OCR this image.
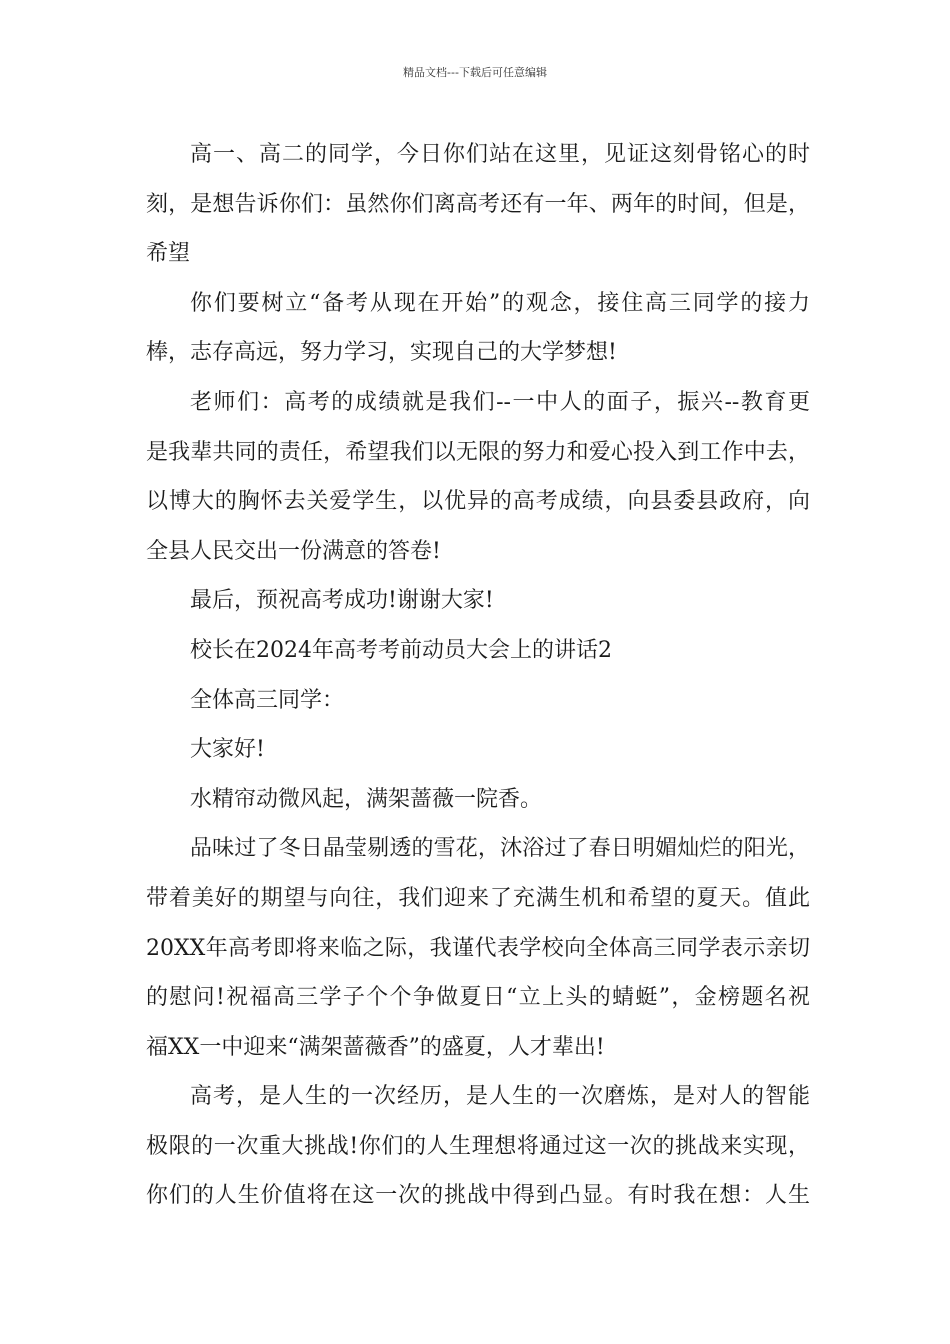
精品文档---下载后可任意编辑
高一、高二的同学，今日你们站在这里，见证这刻骨铭心的时
刻，是想告诉你们：虽然你们离高考还有一年、两年的时间，但是，
希望
你们要树立“备考从现在开始”的观念，接住高三同学的接力
棒，志存高远，努力学习，实现自己的大学梦想!
老师们：高考的成绩就是我们--一中人的面子，振兴--教育更
是我辈共同的责任，希望我们以无限的努力和爱心投入到工作中去，
以博大的胸怀去关爱学生，以优异的高考成绩，向县委县政府，向
全县人民交出一份满意的答卷!
最后，预祝高考成功!谢谢大家!
校长在2024年高考考前动员大会上的讲话2
全体高三同学：
大家好!
水精帘动微风起，满架蔷薇一院香。
品味过了冬日晶莹剔透的雪花，沐浴过了春日明媚灿烂的阳光，
带着美好的期望与向往，我们迎来了充满生机和希望的夏天。值此
20XX年高考即将来临之际，我谨代表学校向全体高三同学表示亲切
的慰问!祝福高三学子个个争做夏日“立上头的蜻蜓”，金榜题名祝
福XX一中迎来“满架蔷薇香”的盛夏，人才辈出!
高考，是人生的一次经历，是人生的一次磨炼，是对人的智能
极限的一次重大挑战!你们的人生理想将通过这一次的挑战来实现，
你们的人生价值将在这一次的挑战中得到凸显。有时我在想：人生
